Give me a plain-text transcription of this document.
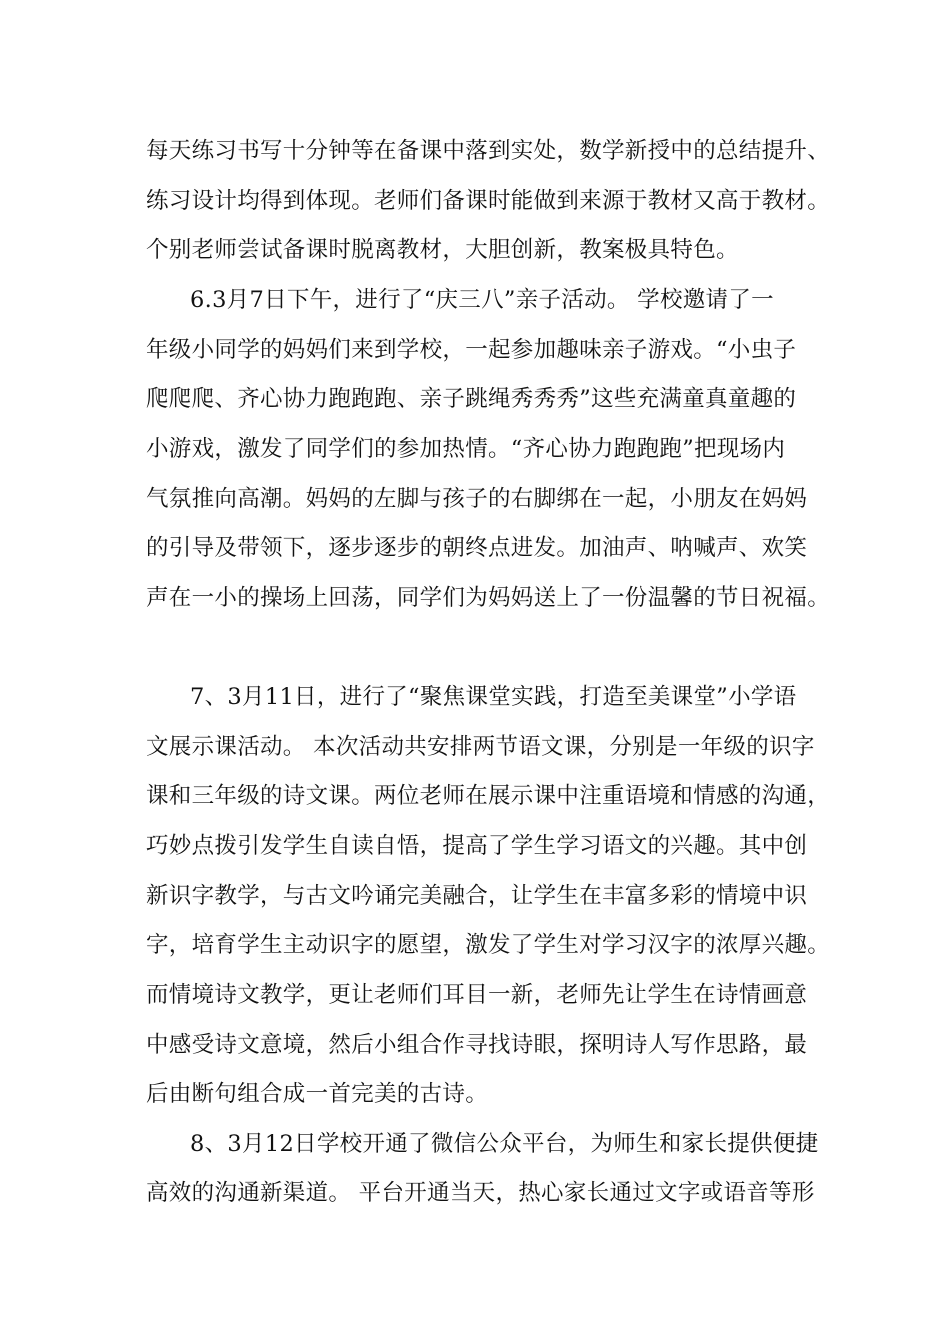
每天练习书写十分钟等在备课中落到实处，数学新授中的总结提升、
练习设计均得到体现。老师们备课时能做到来源于教材又高于教材。
个别老师尝试备课时脱离教材，大胆创新，教案极具特色。
6.3月7日下午，进行了“庆三八”亲子活动。 学校邀请了一
年级小同学的妈妈们来到学校，一起参加趣味亲子游戏。“小虫子
爬爬爬、齐心协力跑跑跑、亲子跳绳秀秀秀”这些充满童真童趣的
小游戏，激发了同学们的参加热情。“齐心协力跑跑跑”把现场内
气氛推向高潮。妈妈的左脚与孩子的右脚绑在一起，小朋友在妈妈
的引导及带领下，逐步逐步的朝终点进发。加油声、呐喊声、欢笑
声在一小的操场上回荡，同学们为妈妈送上了一份温馨的节日祝福。
7、3月11日，进行了“聚焦课堂实践，打造至美课堂”小学语
文展示课活动。 本次活动共安排两节语文课，分别是一年级的识字
课和三年级的诗文课。两位老师在展示课中注重语境和情感的沟通，
巧妙点拨引发学生自读自悟，提高了学生学习语文的兴趣。其中创
新识字教学，与古文吟诵完美融合，让学生在丰富多彩的情境中识
字，培育学生主动识字的愿望，激发了学生对学习汉字的浓厚兴趣。
而情境诗文教学，更让老师们耳目一新，老师先让学生在诗情画意
中感受诗文意境，然后小组合作寻找诗眼，探明诗人写作思路，最
后由断句组合成一首完美的古诗。
8、3月12日学校开通了微信公众平台，为师生和家长提供便捷
高效的沟通新渠道。 平台开通当天，热心家长通过文字或语音等形
